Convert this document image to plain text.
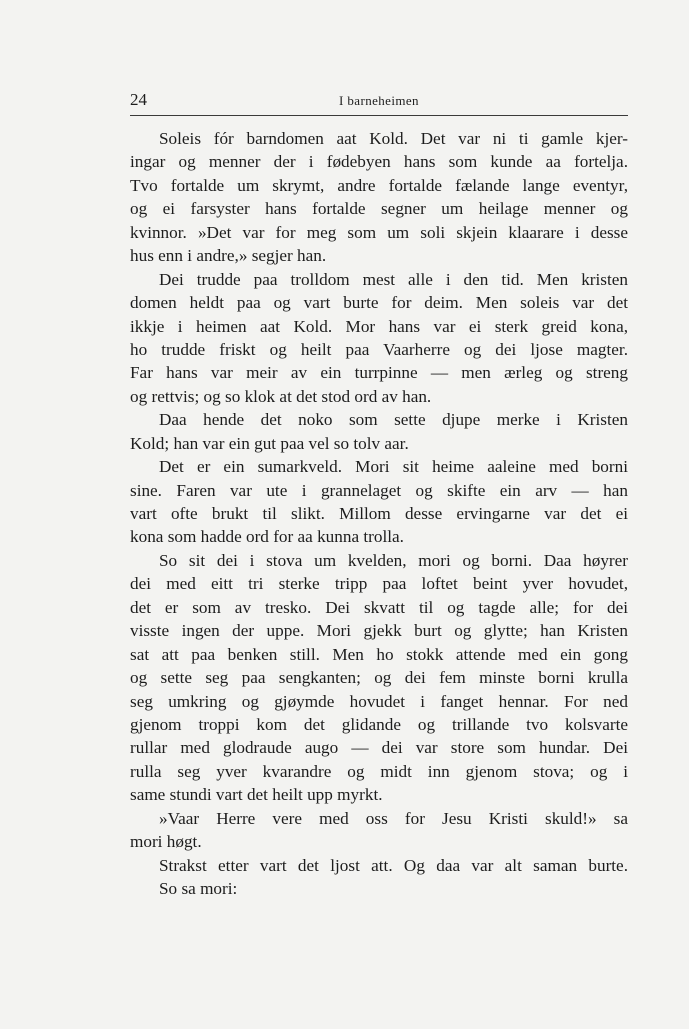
24	I barneheimen
Soleis fór barndomen aat Kold. Det var ni ti gamle kjer-
ingar og menner der i fødebyen hans som kunde aa fortelja.
Tvo fortalde um skrymt, andre fortalde fælande lange eventyr,
og ei farsyster hans fortalde segner um heilage menner og
kvinnor. »Det var for meg som um soli skjein klaarare i desse
hus enn i andre,» segjer han.
Dei trudde paa trolldom mest alle i den tid. Men kristen
domen heldt paa og vart burte for deim. Men soleis var det
ikkje i heimen aat Kold. Mor hans var ei sterk greid kona,
ho trudde friskt og heilt paa Vaarherre og dei ljose magter.
Far hans var meir av ein turrpinne — men ærleg og streng
og rettvis; og so klok at det stod ord av han.
Daa hende det noko som sette djupe merke i Kristen
Kold; han var ein gut paa vel so tolv aar.
Det er ein sumarkveld. Mori sit heime aaleine med borni
sine. Faren var ute i grannelaget og skifte ein arv — han
vart ofte brukt til slikt. Millom desse ervingarne var det ei
kona som hadde ord for aa kunna trolla.
So sit dei i stova um kvelden, mori og borni. Daa høyrer
dei med eitt tri sterke tripp paa loftet beint yver hovudet,
det er som av tresko. Dei skvatt til og tagde alle; for dei
visste ingen der uppe. Mori gjekk burt og glytte; han Kristen
sat att paa benken still. Men ho stokk attende med ein gong
og sette seg paa sengkanten; og dei fem minste borni krulla
seg umkring og gjøymde hovudet i fanget hennar. For ned
gjenom troppi kom det glidande og trillande tvo kolsvarte
rullar med glodraude augo — dei var store som hundar. Dei
rulla seg yver kvarandre og midt inn gjenom stova; og i
same stundi vart det heilt upp myrkt.
»Vaar Herre vere med oss for Jesu Kristi skuld!» sa
mori høgt.
Strakst etter vart det ljost att. Og daa var alt saman burte.
So sa mori:
